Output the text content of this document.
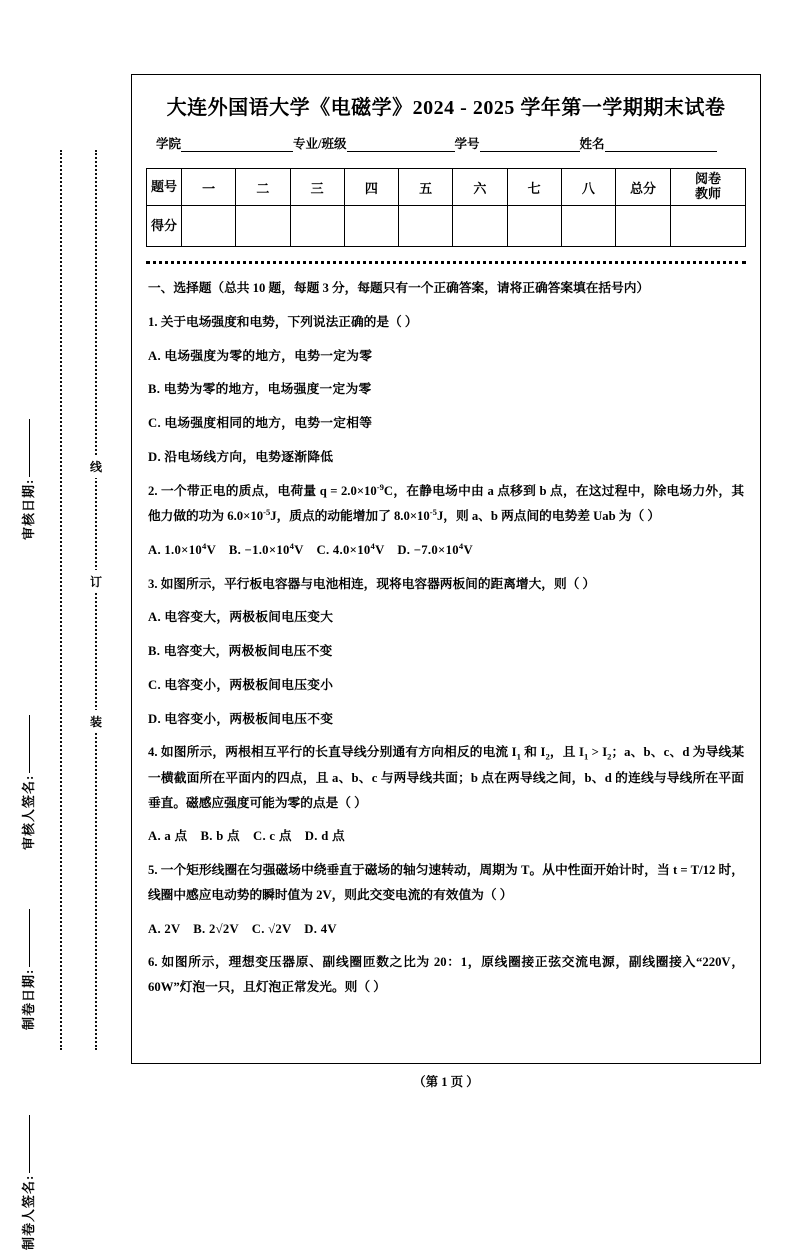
审核日期:
审核人签名:
制卷日期:
制卷人签名:
线
订
装
大连外国语大学《电磁学》2024 - 2025 学年第一学期期末试卷
学院	专业/班级	学号	姓名
题号	一	二	三	四	五	六	七	八	总分	阅卷
教师

得分										

一、选择题（总共 10 题，每题 3 分，每题只有一个正确答案，请将正确答案填在括号内）

1. 关于电场强度和电势，下列说法正确的是（ ）

A. 电场强度为零的地方，电势一定为零

B. 电势为零的地方，电场强度一定为零

C. 电场强度相同的地方，电势一定相等

D. 沿电场线方向，电势逐渐降低

2. 一个带正电的质点，电荷量 $q = 2.0\times 10^{-9}C$，在静电场中由 a 点移到 b 点，在这过程中，除电场力外，其他力做的功为 $6.0\times 10^{-5}J$，质点的动能增加了 $8.0\times 10^{-5}J$，则 a、b 两点间的电势差 Uab 为（ ）

A. $1.0\times 10^4V$　B. $-1.0\times 10^4V$　C. $4.0\times 10^4V$　D. $-7.0\times 10^4V$

3. 如图所示，平行板电容器与电池相连，现将电容器两板间的距离增大，则（ ）

A. 电容变大，两极板间电压变大

B. 电容变大，两极板间电压不变

C. 电容变小，两极板间电压变小

D. 电容变小，两极板间电压不变

4. 如图所示，两根相互平行的长直导线分别通有方向相反的电流 $I_1$ 和 $I_2$，且 $I_1 > I_2$；a、b、c、d 为导线某一横截面所在平面内的四点，且 a、b、c 与两导线共面；b 点在两导线之间，b、d 的连线与导线所在平面垂直。磁感应强度可能为零的点是（ ）

A. a 点　B. b 点　C. c 点　D. d 点

5. 一个矩形线圈在匀强磁场中绕垂直于磁场的轴匀速转动，周期为 T。从中性面开始计时，当 t = T/12 时，线圈中感应电动势的瞬时值为 2V，则此交变电流的有效值为（ ）

A. 2V　B. 2√2V　C. √2V　D. 4V

6. 如图所示，理想变压器原、副线圈匝数之比为 20：1，原线圈接正弦交流电源，副线圈接入“220V，60W”灯泡一只，且灯泡正常发光。则（ ）

（第 1 页 ）
